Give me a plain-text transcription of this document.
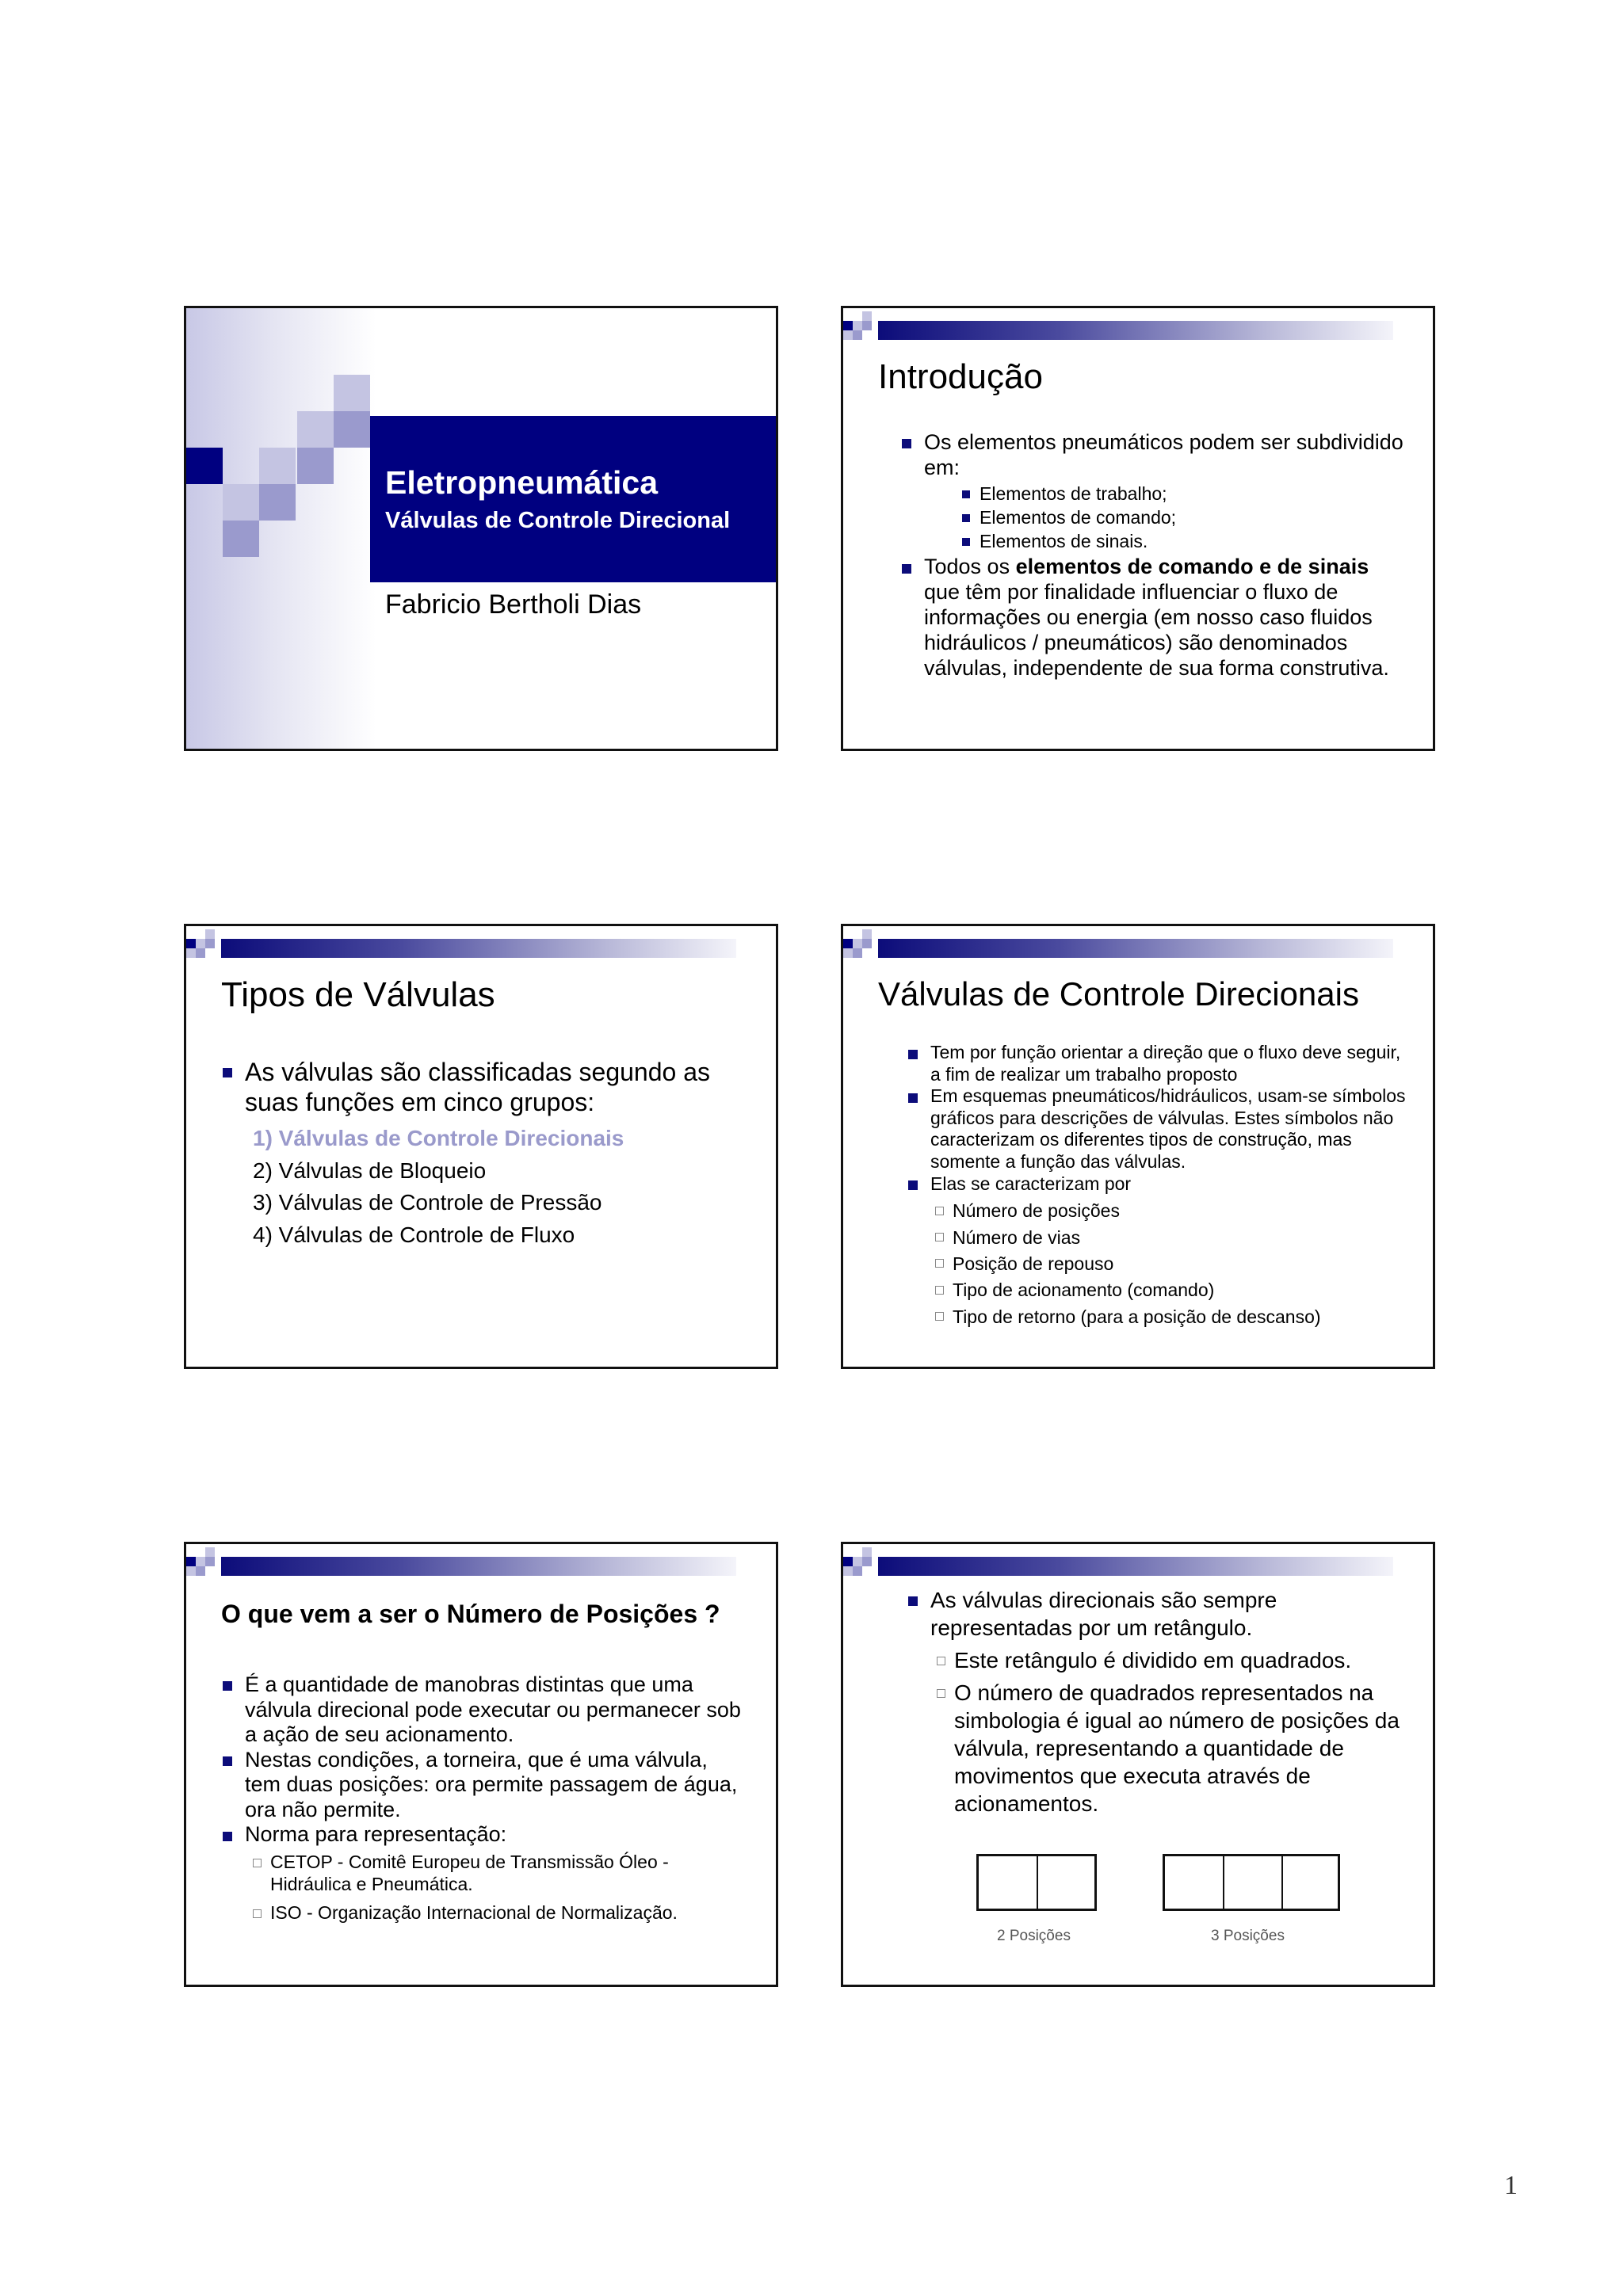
Eletropneumática
Válvulas de Controle Direcional
Fabricio Bertholi Dias
Introdução
Os elementos pneumáticos podem ser subdividido em:
Elementos de trabalho;
Elementos de comando;
Elementos de sinais.
Todos os elementos de comando e de sinais que têm por finalidade influenciar o fluxo de informações ou energia (em nosso caso fluidos hidráulicos / pneumáticos) são denominados válvulas, independente de sua forma construtiva.
Tipos de Válvulas
As válvulas são classificadas segundo as suas funções em cinco grupos:
1) Válvulas de Controle Direcionais
2) Válvulas de Bloqueio
3) Válvulas de Controle de Pressão
4) Válvulas de Controle de Fluxo
Válvulas de Controle Direcionais
Tem por função orientar a direção que o fluxo deve seguir, a fim de realizar um trabalho proposto
Em esquemas pneumáticos/hidráulicos, usam-se símbolos gráficos para descrições de válvulas. Estes símbolos não caracterizam os diferentes tipos de construção, mas somente a função das válvulas.
Elas se caracterizam por
Número de posições
Número de vias
Posição de repouso
Tipo de acionamento (comando)
Tipo de retorno (para a posição de descanso)
O que vem a ser o Número de Posições ?
É a quantidade de manobras distintas que uma válvula direcional pode executar ou permanecer sob a ação de seu acionamento.
Nestas condições, a torneira, que é uma válvula, tem duas posições: ora permite passagem de água, ora não permite.
Norma para representação:
CETOP - Comitê Europeu de Transmissão Óleo - Hidráulica e Pneumática.
ISO - Organização Internacional de Normalização.
As válvulas direcionais são sempre representadas por um retângulo.
Este retângulo é dividido em quadrados.
O número de quadrados representados na simbologia é igual ao número de posições da válvula, representando a quantidade de movimentos que executa através de acionamentos.
2 Posições	3 Posições
1
